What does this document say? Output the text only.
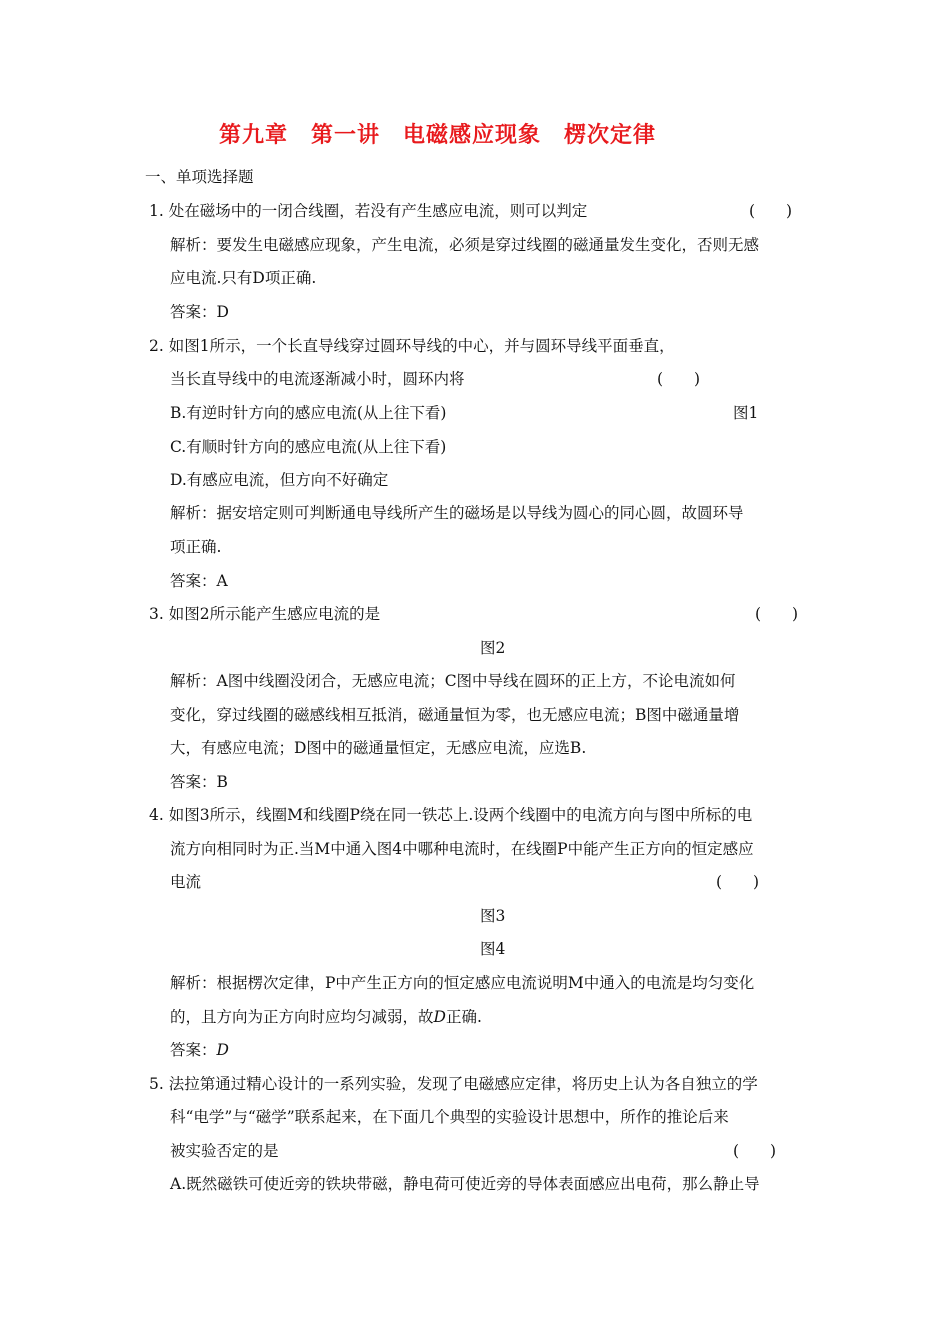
第九章　第一讲　电磁感应现象　楞次定律
一、单项选择题
1. 处在磁场中的一闭合线圈，若没有产生感应电流，则可以判定	(　　)
解析：要发生电磁感应现象，产生电流，必须是穿过线圈的磁通量发生变化，否则无感
应电流.只有D项正确.
答案：D
2. 如图1所示，一个长直导线穿过圆环导线的中心，并与圆环导线平面垂直，
当长直导线中的电流逐渐减小时，圆环内将	(　　)
B.有逆时针方向的感应电流(从上往下看)	图1
C.有顺时针方向的感应电流(从上往下看)
D.有感应电流，但方向不好确定
解析：据安培定则可判断通电导线所产生的磁场是以导线为圆心的同心圆，故圆环导
项正确.
答案：A
3. 如图2所示能产生感应电流的是	(　　)
图2
解析：A图中线圈没闭合，无感应电流；C图中导线在圆环的正上方，不论电流如何
变化，穿过线圈的磁感线相互抵消，磁通量恒为零，也无感应电流；B图中磁通量增
大，有感应电流；D图中的磁通量恒定，无感应电流，应选B.
答案：B
4. 如图3所示，线圈M和线圈P绕在同一铁芯上.设两个线圈中的电流方向与图中所标的电
流方向相同时为正.当M中通入图4中哪种电流时，在线圈P中能产生正方向的恒定感应
电流	(　　)
图3
图4
解析：根据楞次定律，P中产生正方向的恒定感应电流说明M中通入的电流是均匀变化
的，且方向为正方向时应均匀减弱，故D正确.
答案：D
5. 法拉第通过精心设计的一系列实验，发现了电磁感应定律，将历史上认为各自独立的学
科“电学”与“磁学”联系起来，在下面几个典型的实验设计思想中，所作的推论后来
被实验否定的是	(　　)
A.既然磁铁可使近旁的铁块带磁，静电荷可使近旁的导体表面感应出电荷，那么静止导
